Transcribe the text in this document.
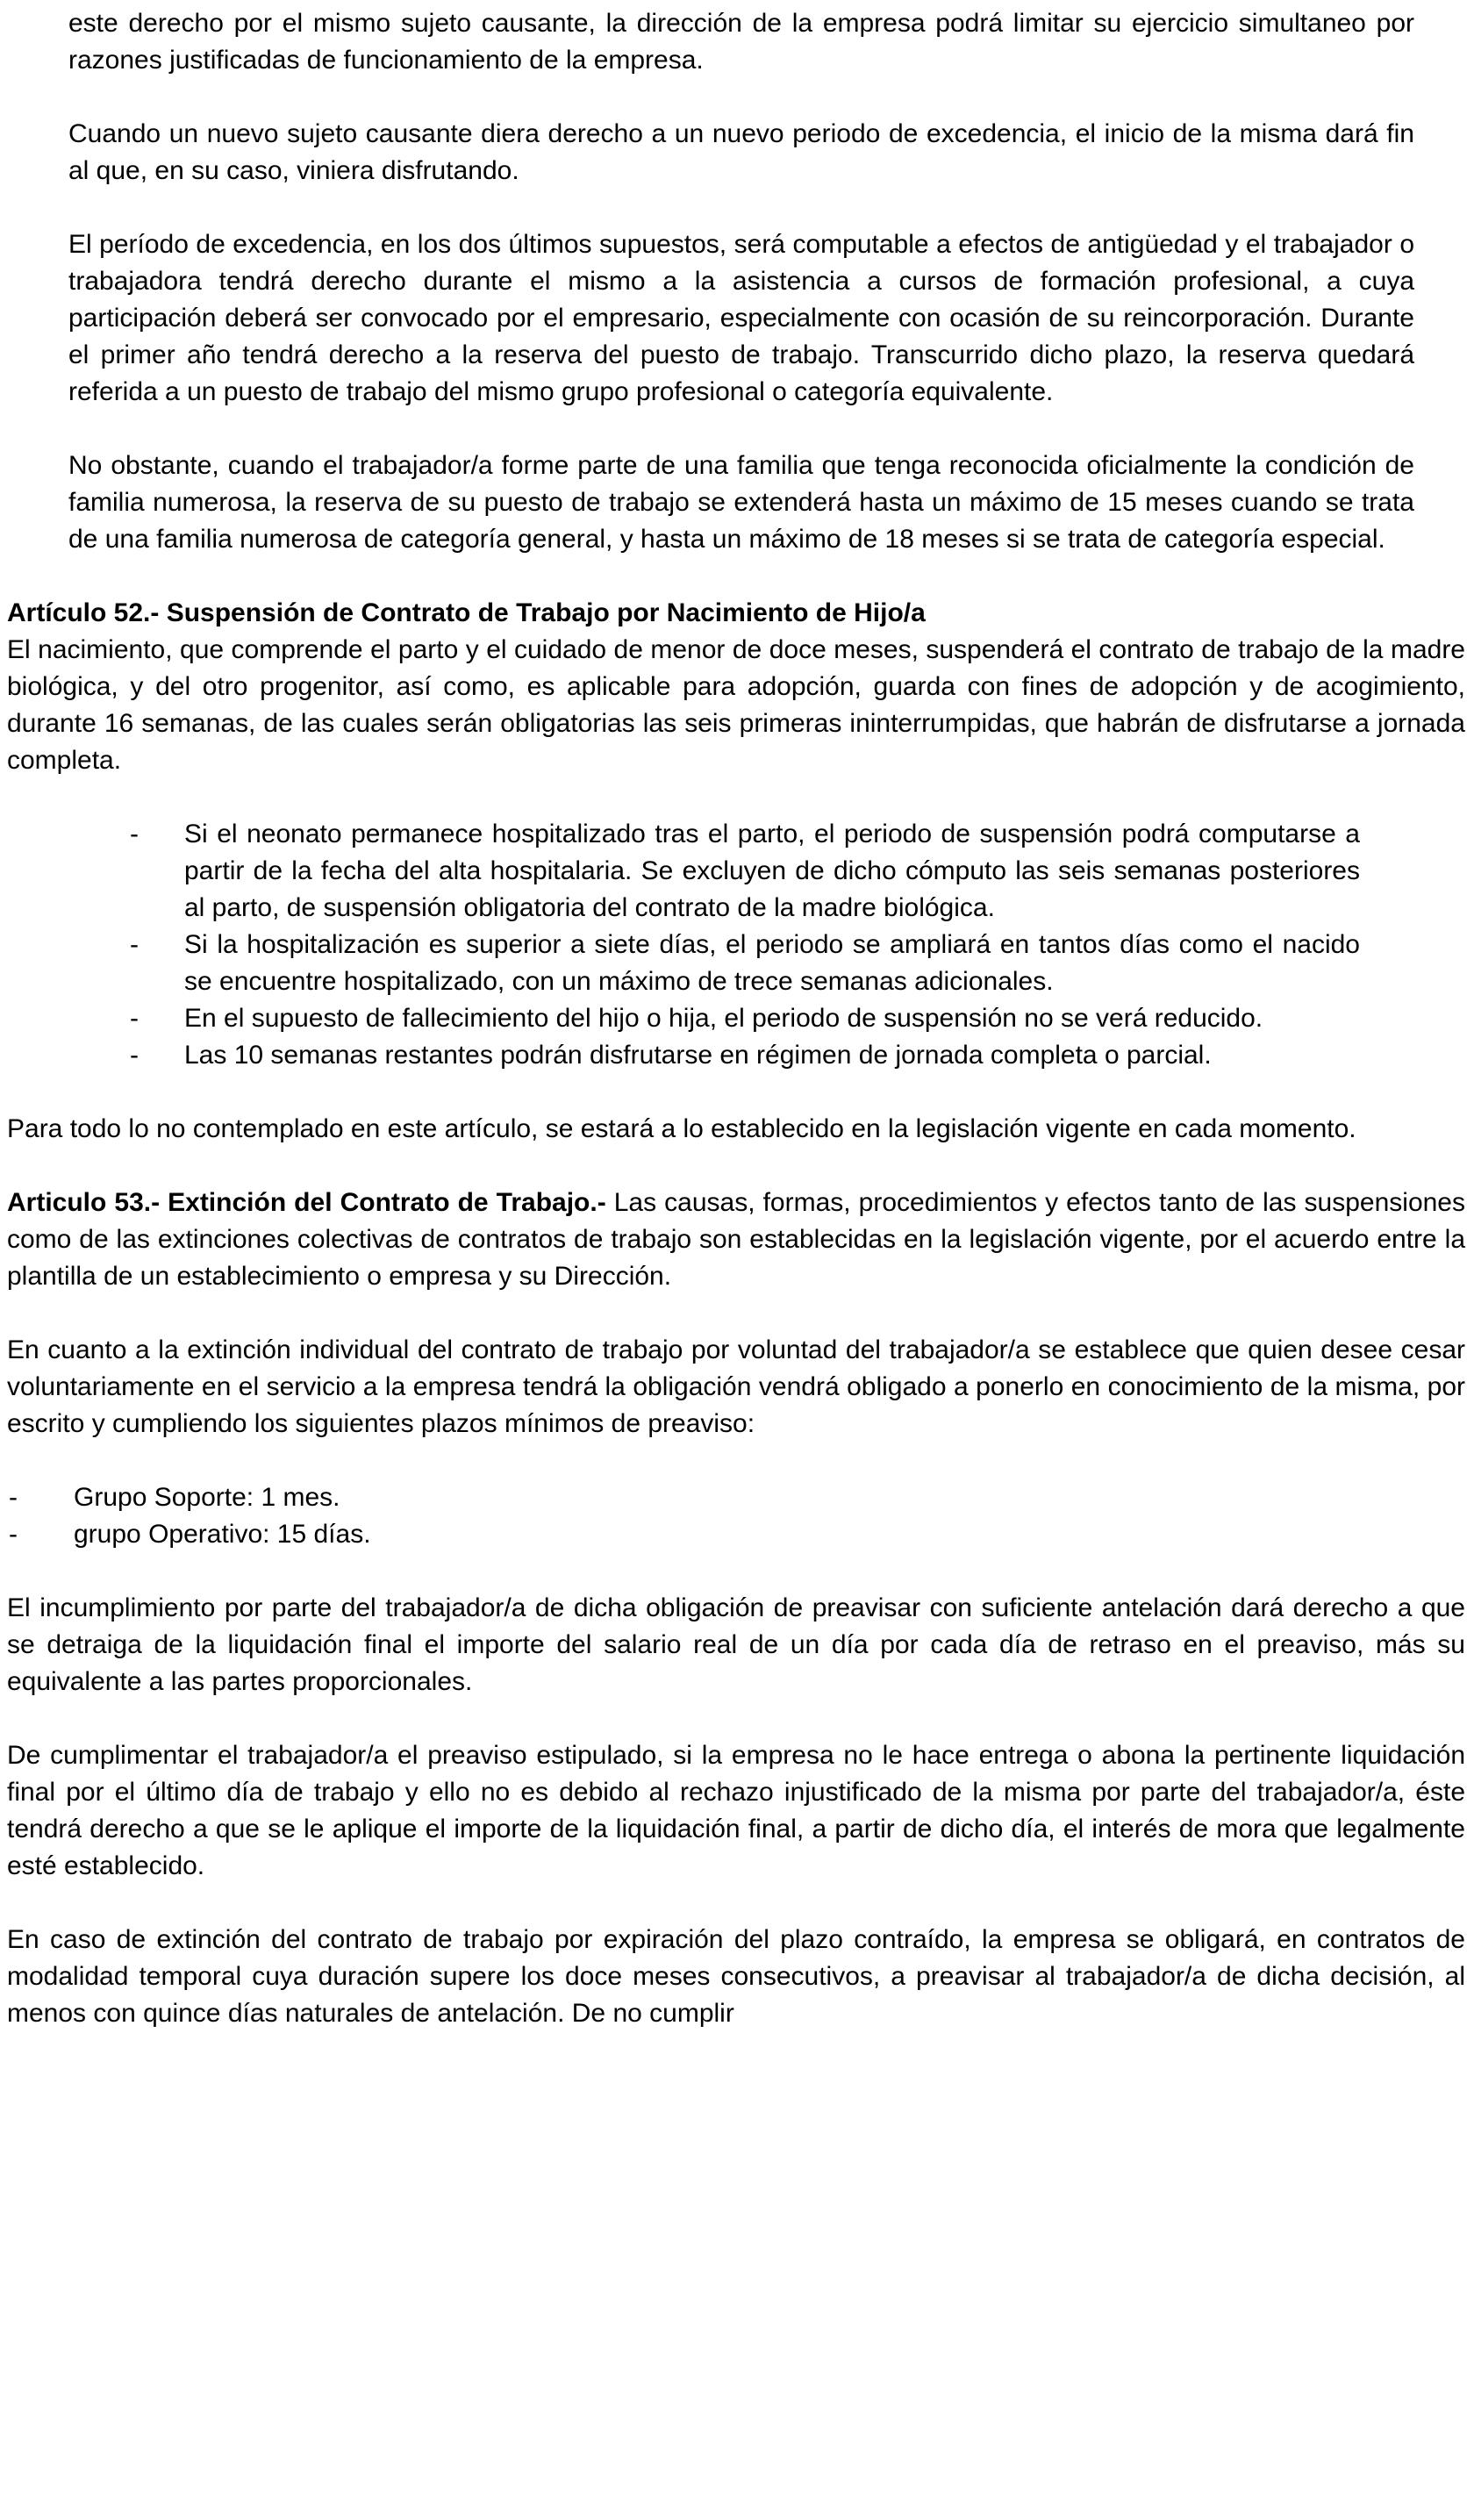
este derecho por el mismo sujeto causante, la dirección de la empresa podrá limitar su ejercicio simultaneo por razones justificadas de funcionamiento de la empresa.

Cuando un nuevo sujeto causante diera derecho a un nuevo periodo de excedencia, el inicio de la misma dará fin al que, en su caso, viniera disfrutando.

El período de excedencia, en los dos últimos supuestos, será computable a efectos de antigüedad y el trabajador o trabajadora tendrá derecho durante el mismo a la asistencia a cursos de formación profesional, a cuya participación deberá ser convocado por el empresario, especialmente con ocasión de su reincorporación. Durante el primer año tendrá derecho a la reserva del puesto de trabajo. Transcurrido dicho plazo, la reserva quedará referida a un puesto de trabajo del mismo grupo profesional o categoría equivalente.

No obstante, cuando el trabajador/a forme parte de una familia que tenga reconocida oficialmente la condición de familia numerosa, la reserva de su puesto de trabajo se extenderá hasta un máximo de 15 meses cuando se trata de una familia numerosa de categoría general, y hasta un máximo de 18 meses si se trata de categoría especial.

Artículo 52.- Suspensión de Contrato de Trabajo por Nacimiento de Hijo/a

El nacimiento, que comprende el parto y el cuidado de menor de doce meses, suspenderá el contrato de trabajo de la madre biológica, y del otro progenitor, así como, es aplicable para adopción, guarda con fines de adopción y de acogimiento, durante 16 semanas, de las cuales serán obligatorias las seis primeras ininterrumpidas, que habrán de disfrutarse a jornada completa.

-	Si el neonato permanece hospitalizado tras el parto, el periodo de suspensión podrá computarse a partir de la fecha del alta hospitalaria. Se excluyen de dicho cómputo las seis semanas posteriores al parto, de suspensión obligatoria del contrato de la madre biológica.
-	Si la hospitalización es superior a siete días, el periodo se ampliará en tantos días como el nacido se encuentre hospitalizado, con un máximo de trece semanas adicionales.
-	En el supuesto de fallecimiento del hijo o hija, el periodo de suspensión no se verá reducido.
-	Las 10 semanas restantes podrán disfrutarse en régimen de jornada completa o parcial.

Para todo lo no contemplado en este artículo, se estará a lo establecido en la legislación vigente en cada momento.

Articulo 53.- Extinción del Contrato de Trabajo.- Las causas, formas, procedimientos y efectos tanto de las suspensiones como de las extinciones colectivas de contratos de trabajo son establecidas en la legislación vigente, por el acuerdo entre la plantilla de un establecimiento o empresa y su Dirección.

En cuanto a la extinción individual del contrato de trabajo por voluntad del trabajador/a se establece que quien desee cesar voluntariamente en el servicio a la empresa tendrá la obligación vendrá obligado a ponerlo en conocimiento de la misma, por escrito y cumpliendo los siguientes plazos mínimos de preaviso:

-	Grupo Soporte: 1 mes.
-	grupo Operativo: 15 días.

El incumplimiento por parte del trabajador/a de dicha obligación de preavisar con suficiente antelación dará derecho a que se detraiga de la liquidación final el importe del salario real de un día por cada día de retraso en el preaviso, más su equivalente a las partes proporcionales.

De cumplimentar el trabajador/a el preaviso estipulado, si la empresa no le hace entrega o abona la pertinente liquidación final por el último día de trabajo y ello no es debido al rechazo injustificado de la misma por parte del trabajador/a, éste tendrá derecho a que se le aplique el importe de la liquidación final, a partir de dicho día, el interés de mora que legalmente esté establecido.

En caso de extinción del contrato de trabajo por expiración del plazo contraído, la empresa se obligará, en contratos de modalidad temporal cuya duración supere los doce meses consecutivos, a preavisar al trabajador/a de dicha decisión, al menos con quince días naturales de antelación. De no cumplir
